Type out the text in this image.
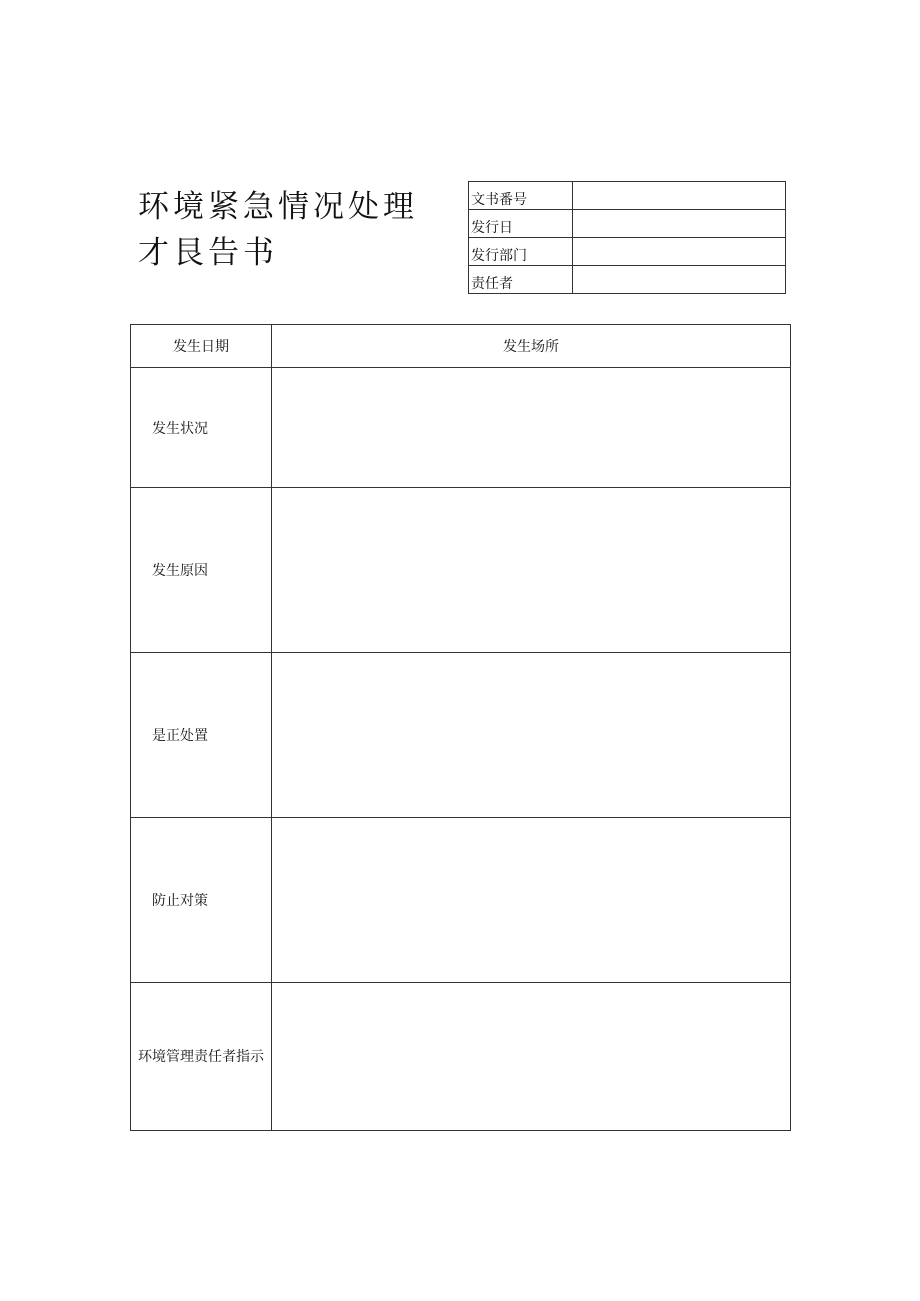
环境紧急情况处理才艮告书
文书番号	
发行日	
发行部门	
责任者	
发生日期	发生场所
发生状况	
发生原因	
是正处置	
防止对策	
环境管理责任者指示	
